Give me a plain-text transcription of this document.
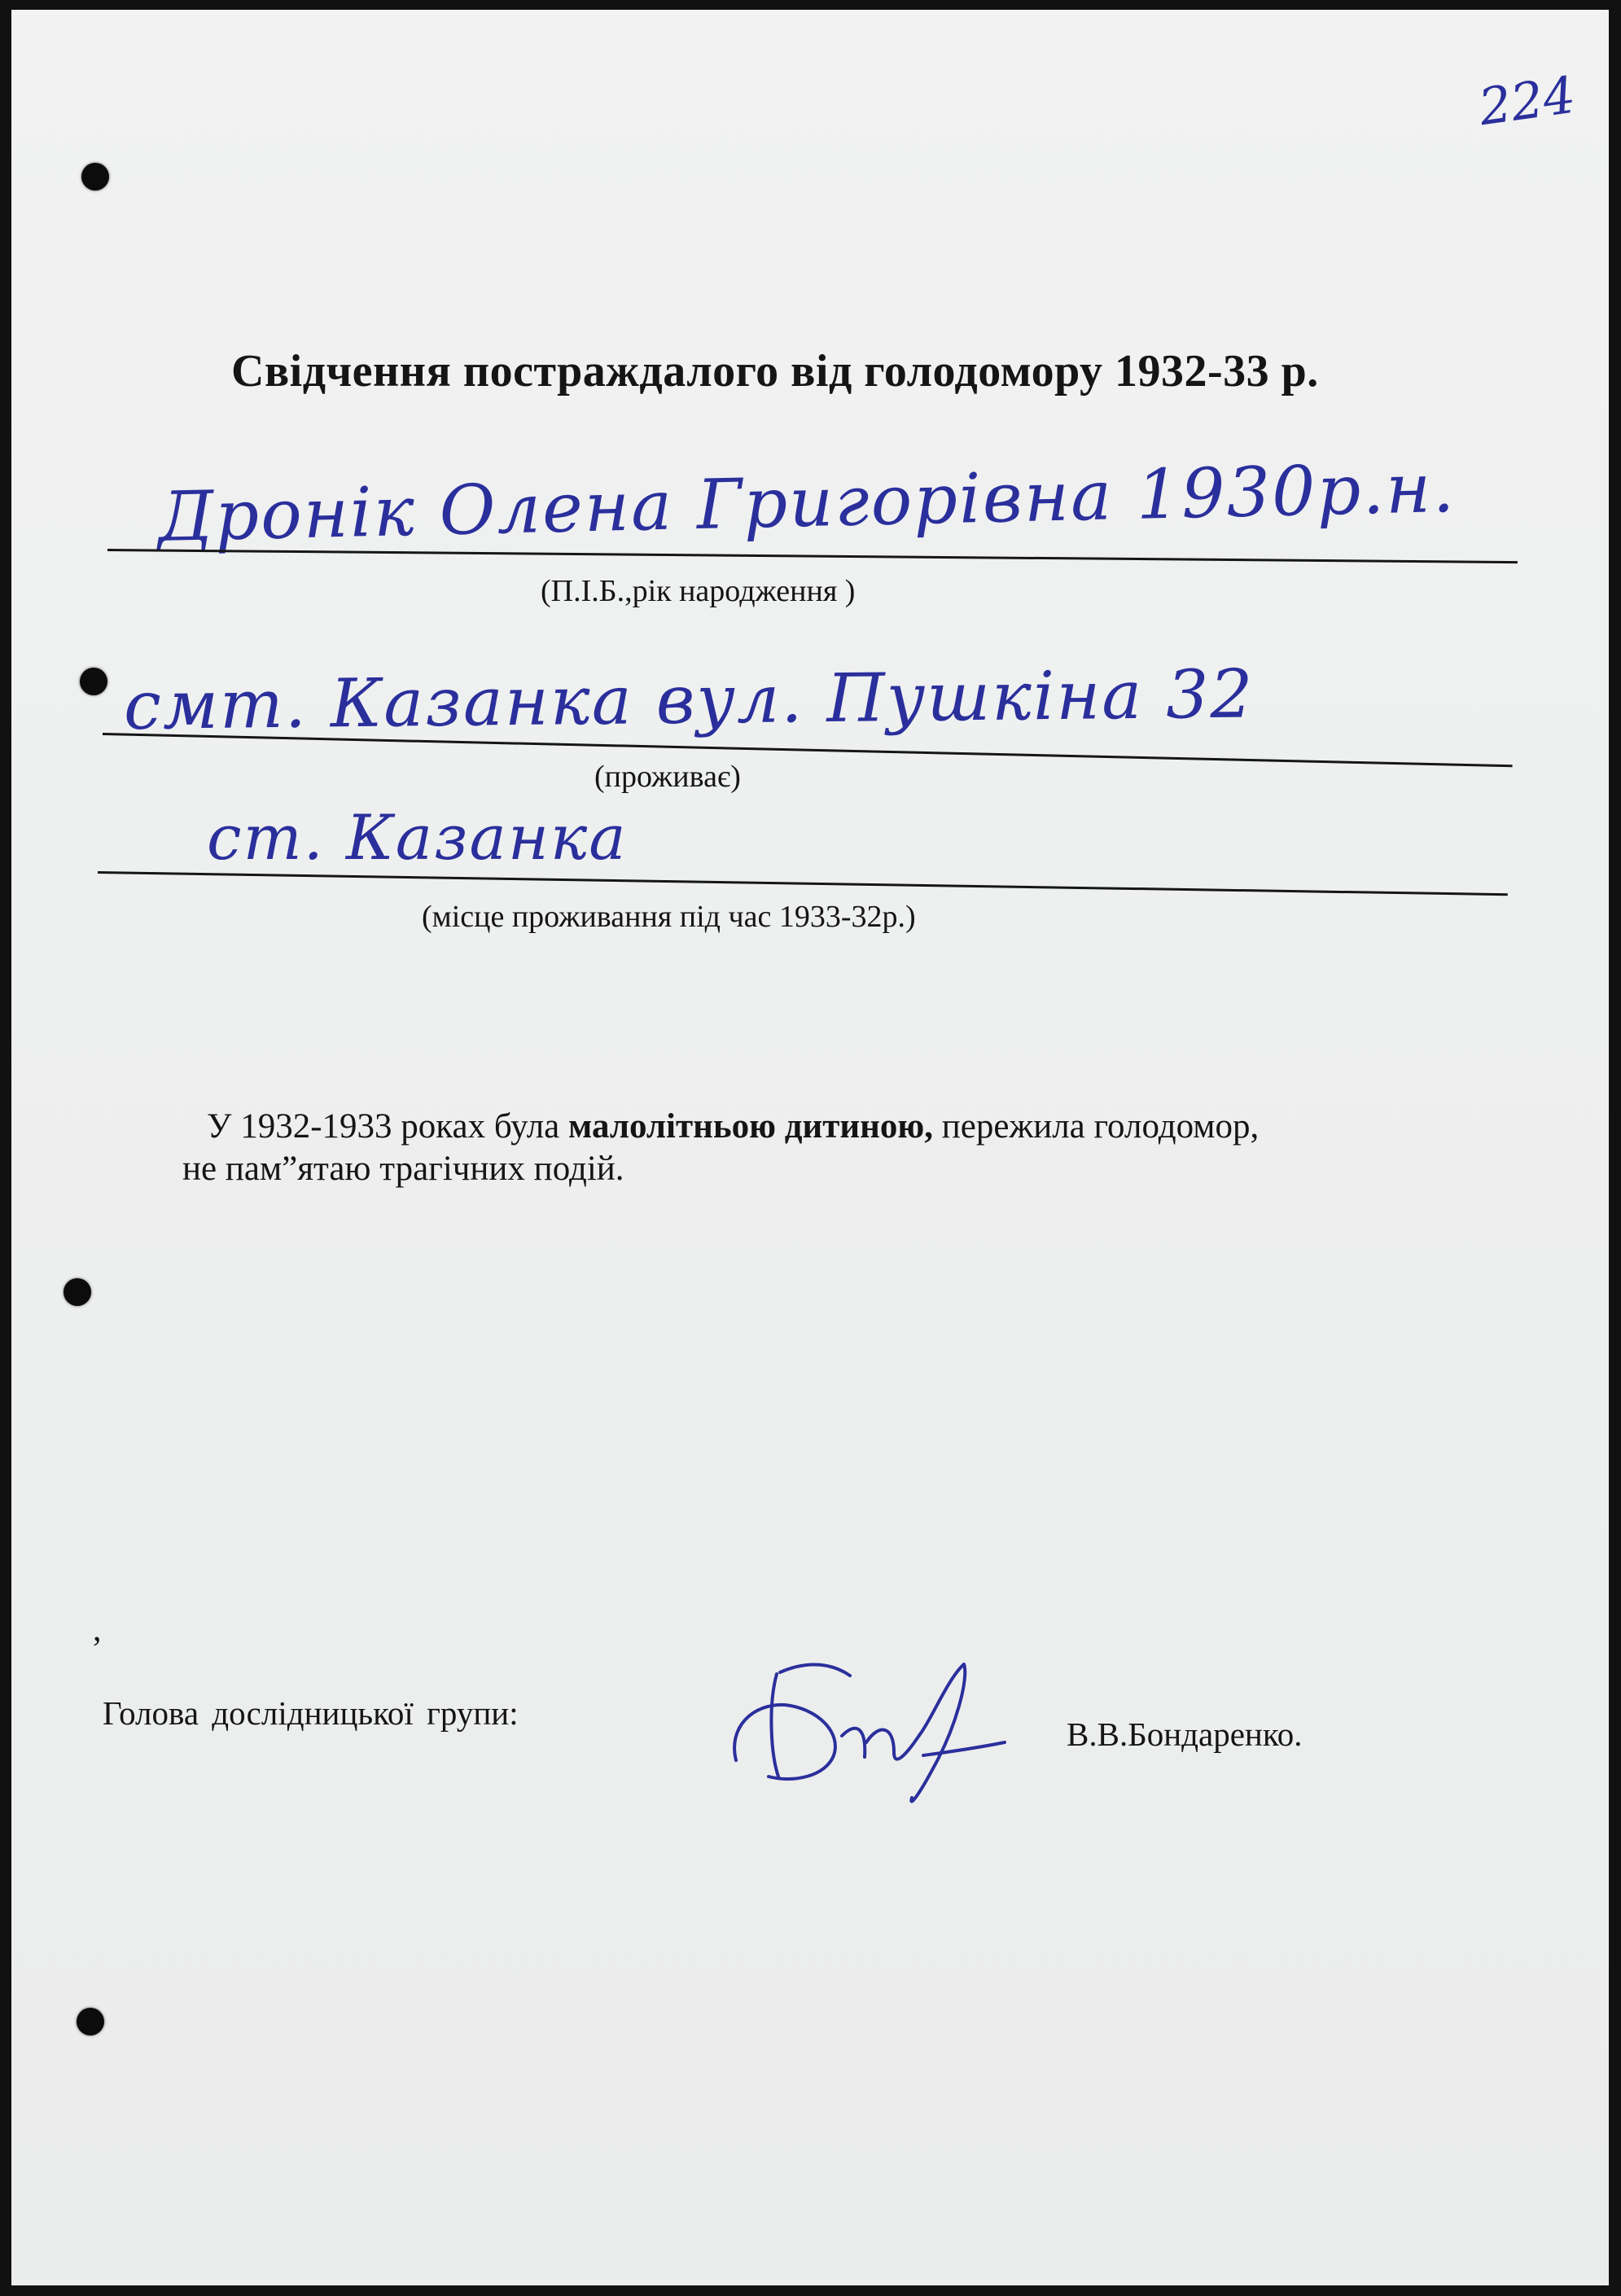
224
Свідчення постраждалого від голодомору 1932-33 р.
Дронік Олена Григорівна 1930р.н.
(П.І.Б.,рік народження )
смт. Казанка вул. Пушкіна 32
(проживає)
ст. Казанка
(місце проживання під час 1933-32р.)
У 1932-1933 роках була малолітньою дитиною, пережила голодомор,
не пам”ятаю трагічних подій.
,
Голова дослідницької групи:
В.В.Бондаренко.
